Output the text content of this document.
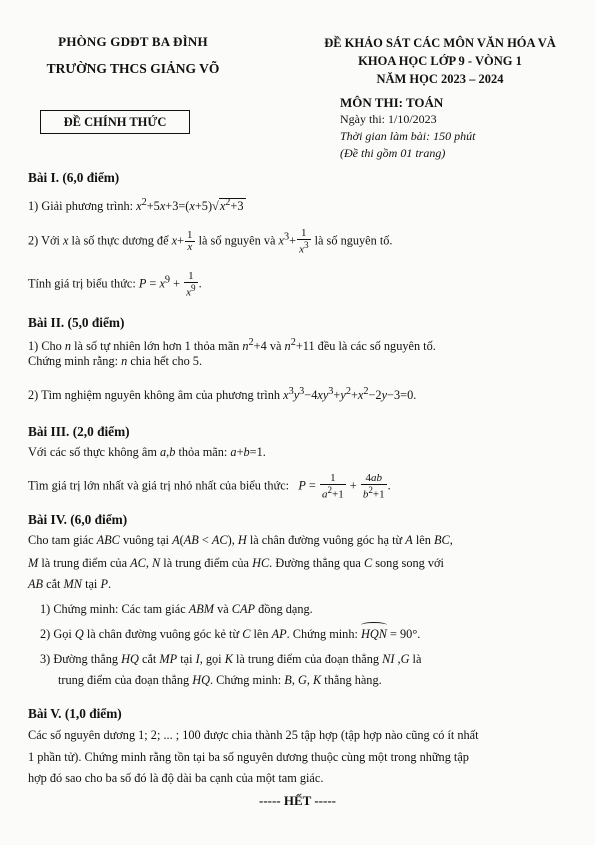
PHÒNG GDĐT BA ĐÌNH
TRƯỜNG THCS GIẢNG VÕ
ĐỀ KHẢO SÁT CÁC MÔN VĂN HÓA VÀ
KHOA HỌC LỚP 9 - VÒNG 1
NĂM HỌC 2023 – 2024
ĐỀ CHÍNH THỨC
MÔN THI: TOÁN
Ngày thi: 1/10/2023
Thời gian làm bài: 150 phút
(Đề thi gồm 01 trang)
Bài I. (6,0 điểm)
1) Giải phương trình: $x^2+5x+3=(x+5)√x^2+3$
2) Với x là số thực dương để $x+ \frac{1}{x}$ là số nguyên và $x^3+ \frac{1}{x^3}$ là số nguyên tố.
Tính giá trị biểu thức: $P = x^9 + \frac{1}{x^9}$ .
Bài II. (5,0 điểm)
1) Cho n là số tự nhiên lớn hơn 1 thỏa mãn $n^2+4$ và $n^2+11$ đều là các số nguyên tố.
Chứng minh rằng: n chia hết cho 5.
2) Tìm nghiệm nguyên không âm của phương trình $x^3y^3-4xy^3+y^2+x^2-2y-3=0$.
Bài III. (2,0 điểm)
Với các số thực không âm a,b thỏa mãn: a+b=1.
Tìm giá trị lớn nhất và giá trị nhỏ nhất của biểu thức: $P = \frac{1}{a^2+1} + \frac{4ab}{b^2+1}$ .
Bài IV. (6,0 điểm)
Cho tam giác ABC vuông tại A(AB < AC), H là chân đường vuông góc hạ từ A lên BC,
M là trung điểm của AC, N là trung điểm của HC. Đường thẳng qua C song song với
AB cắt MN tại P.
1) Chứng minh: Các tam giác ABM và CAP đồng dạng.
2) Gọi Q là chân đường vuông góc kẻ từ C lên AP. Chứng minh: HQN = 90°.
3) Đường thẳng HQ cắt MP tại I, gọi K là trung điểm của đoạn thẳng NI ,G là
trung điểm của đoạn thẳng HQ. Chứng minh: B, G, K thẳng hàng.
Bài V. (1,0 điểm)
Các số nguyên dương 1; 2; ... ; 100 được chia thành 25 tập hợp (tập hợp nào cũng có ít nhất
1 phần tử). Chứng minh rằng tồn tại ba số nguyên dương thuộc cùng một trong những tập
hợp đó sao cho ba số đó là độ dài ba cạnh của một tam giác.
----- HẾT -----
